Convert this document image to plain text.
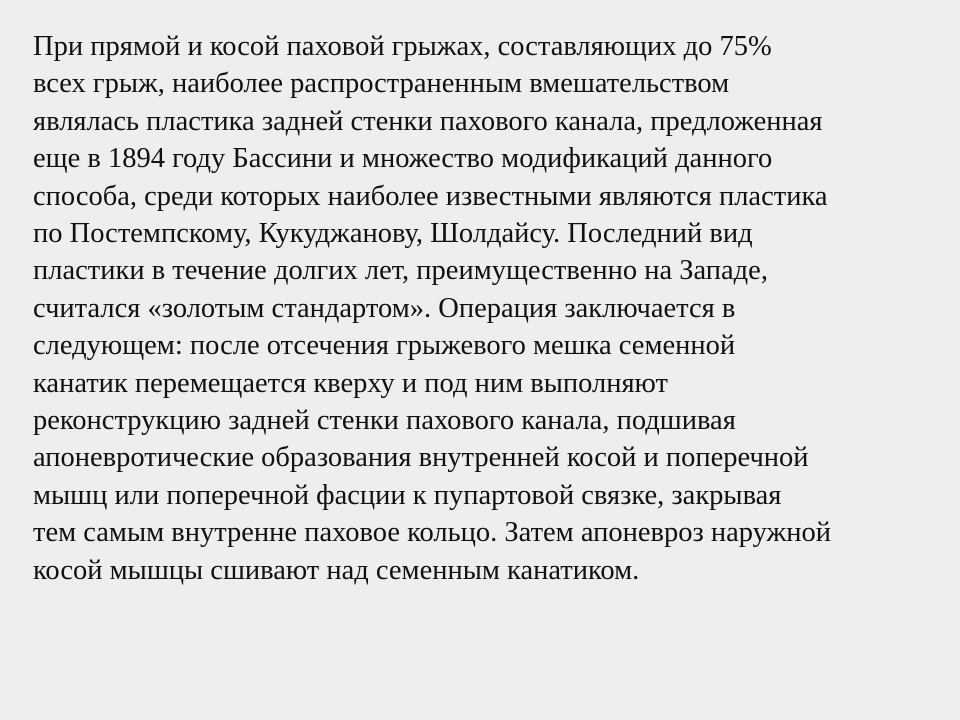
При прямой и косой паховой грыжах, составляющих до 75%
всех грыж, наиболее распространенным вмешательством
являлась пластика задней стенки пахового канала, предложенная
еще в 1894 году Бассини и множество модификаций данного
способа, среди которых наиболее известными являются пластика
по Постемпскому, Кукуджанову, Шолдайсу. Последний вид
пластики в течение долгих лет, преимущественно на Западе,
считался «золотым стандартом». Операция заключается в
следующем: после отсечения грыжевого мешка семенной
канатик перемещается кверху и под ним выполняют
реконструкцию задней стенки пахового канала, подшивая
апоневротические образования внутренней косой и поперечной
мышц или поперечной фасции к пупартовой связке, закрывая
тем самым внутренне паховое кольцо. Затем апоневроз наружной
косой мышцы сшивают над семенным канатиком.
